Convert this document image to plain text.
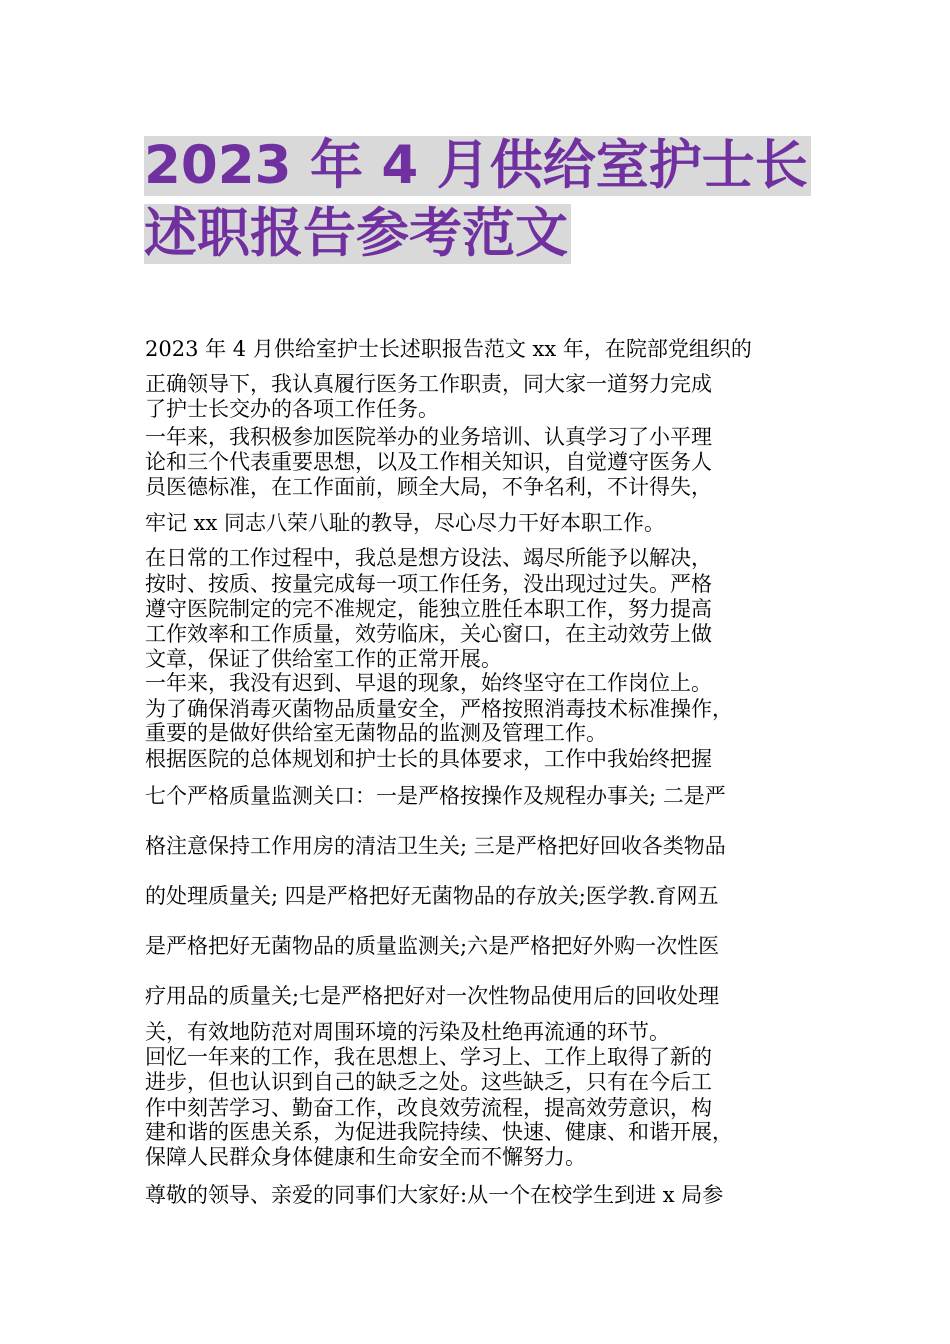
2023 年 4 月供给室护士长
述职报告参考范文
2023 年 4 月供给室护士长述职报告范文 xx 年，在院部党组织的
正确领导下，我认真履行医务工作职责，同大家一道努力完成
了护士长交办的各项工作任务。
一年来，我积极参加医院举办的业务培训、认真学习了小平理
论和三个代表重要思想，以及工作相关知识，自觉遵守医务人
员医德标准，在工作面前，顾全大局，不争名利，不计得失，
牢记 xx 同志八荣八耻的教导，尽心尽力干好本职工作。
在日常的工作过程中，我总是想方设法、竭尽所能予以解决，
按时、按质、按量完成每一项工作任务，没出现过过失。严格
遵守医院制定的完不准规定，能独立胜任本职工作，努力提高
工作效率和工作质量，效劳临床，关心窗口，在主动效劳上做
文章，保证了供给室工作的正常开展。
一年来，我没有迟到、早退的现象，始终坚守在工作岗位上。
为了确保消毒灭菌物品质量安全，严格按照消毒技术标准操作，
重要的是做好供给室无菌物品的监测及管理工作。
根据医院的总体规划和护士长的具体要求，工作中我始终把握
七个严格质量监测关口：一是严格按操作及规程办事关; 二是严
格注意保持工作用房的清洁卫生关; 三是严格把好回收各类物品
的处理质量关; 四是严格把好无菌物品的存放关;医学教.育网五
是严格把好无菌物品的质量监测关;六是严格把好外购一次性医
疗用品的质量关;七是严格把好对一次性物品使用后的回收处理
关，有效地防范对周围环境的污染及杜绝再流通的环节。
回忆一年来的工作，我在思想上、学习上、工作上取得了新的
进步，但也认识到自己的缺乏之处。这些缺乏，只有在今后工
作中刻苦学习、勤奋工作，改良效劳流程，提高效劳意识，构
建和谐的医患关系，为促进我院持续、快速、健康、和谐开展，
保障人民群众身体健康和生命安全而不懈努力。
尊敬的领导、亲爱的同事们大家好:从一个在校学生到进 x 局参
